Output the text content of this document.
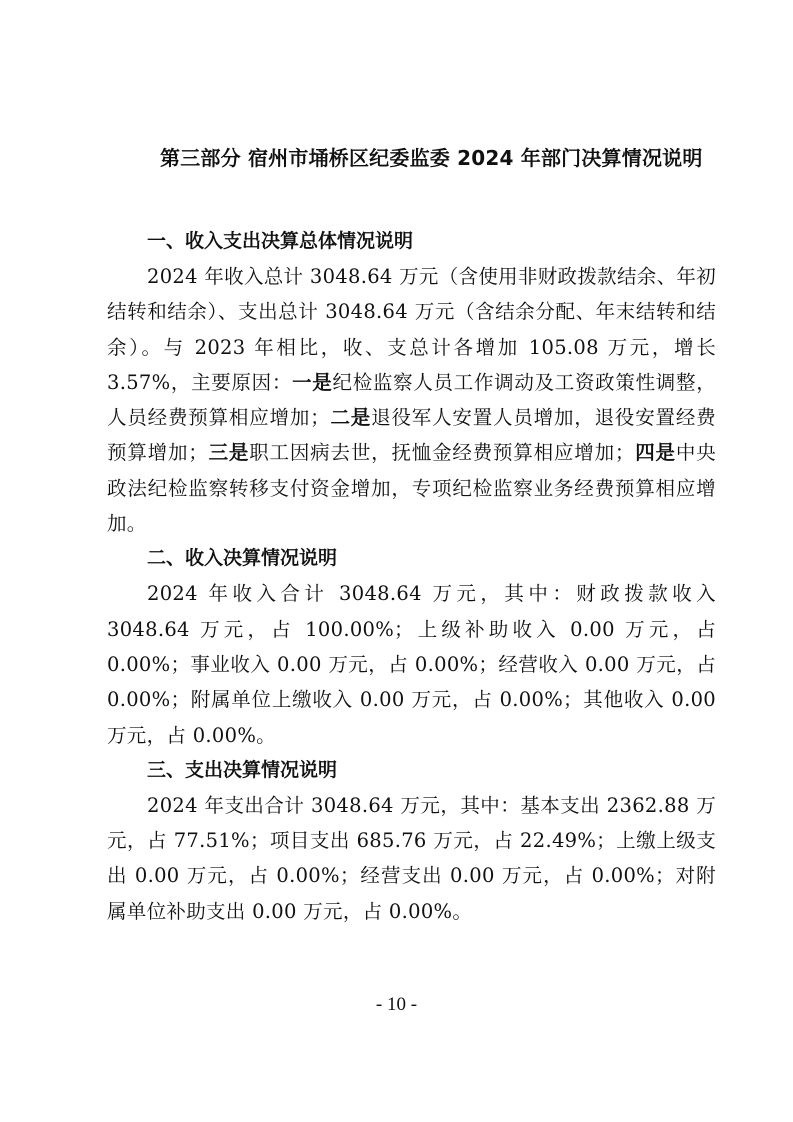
第三部分 宿州市埇桥区纪委监委 2024 年部门决算情况说明
一、收入支出决算总体情况说明

2024 年收入总计 3048.64 万元（含使用非财政拨款结余、年初结转和结余）、支出总计 3048.64 万元（含结余分配、年末结转和结余）。与 2023 年相比，收、支总计各增加 105.08 万元，增长 3.57%，主要原因：一是纪检监察人员工作调动及工资政策性调整，人员经费预算相应增加；二是退役军人安置人员增加，退役安置经费预算增加；三是职工因病去世，抚恤金经费预算相应增加；四是中央政法纪检监察转移支付资金增加，专项纪检监察业务经费预算相应增加。

二、收入决算情况说明

2024 年收入合计 3048.64 万元，其中：财政拨款收入 3048.64 万元，占 100.00%；上级补助收入 0.00 万元，占 0.00%；事业收入 0.00 万元，占 0.00%；经营收入 0.00 万元，占 0.00%；附属单位上缴收入 0.00 万元，占 0.00%；其他收入 0.00 万元，占 0.00%。

三、支出决算情况说明

2024 年支出合计 3048.64 万元，其中：基本支出 2362.88 万元，占 77.51%；项目支出 685.76 万元，占 22.49%；上缴上级支出 0.00 万元，占 0.00%；经营支出 0.00 万元，占 0.00%；对附属单位补助支出 0.00 万元，占 0.00%。

- 10 -
